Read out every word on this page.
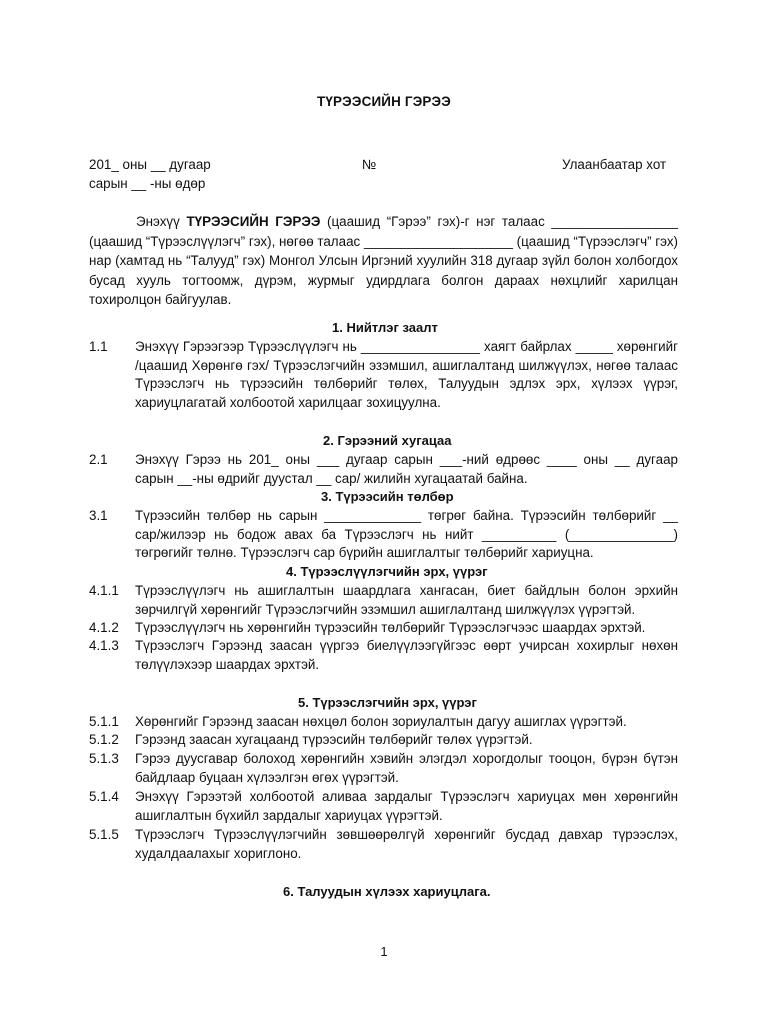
ТҮРЭЭСИЙН ГЭРЭЭ
201_ оны __ дугаар	№	Улаанбаатар хот
сарын __ -ны өдөр
Энэхүү ТҮРЭЭСИЙН ГЭРЭЭ (цаашид “Гэрээ” гэх)-г нэг талаас _________________ (цаашид “Түрээслүүлэгч” гэх), нөгөө талаас ____________________ (цаашид “Түрээслэгч” гэх) нар (хамтад нь “Талууд” гэх) Монгол Улсын Иргэний хуулийн 318 дугаар зүйл болон холбогдох бусад хууль тогтоомж, дүрэм, журмыг удирдлага болгон дараах нөхцлийг харилцан тохиролцон байгуулав.
1. Нийтлэг заалт
1.1 Энэхүү Гэрээгээр Түрээслүүлэгч нь ________________ хаягт байрлах _____ хөрөнгийг /цаашид Хөрөнгө гэх/ Түрээслэгчийн эзэмшил, ашиглалтанд шилжүүлэх, нөгөө талаас Түрээслэгч нь түрээсийн төлбөрийг төлөх, Талуудын эдлэх эрх, хүлээх үүрэг, хариуцлагатай холбоотой харилцааг зохицуулна.
2. Гэрээний хугацаа
2.1 Энэхүү Гэрээ нь 201_ оны ___ дугаар сарын ___-ний өдрөөс ____ оны __ дугаар сарын __-ны өдрийг дуустал __ сар/ жилийн хугацаатай байна.
3. Түрээсийн төлбөр
3.1 Түрээсийн төлбөр нь сарын _____________ төгрөг байна. Түрээсийн төлбөрийг __ сар/жилээр нь бодож авах ба Түрээслэгч нь нийт __________ (______________) төгрөгийг төлнө. Түрээслэгч сар бүрийн ашиглалтыг төлбөрийг хариуцна.
4. Түрээслүүлэгчийн эрх, үүрэг
4.1.1 Түрээслүүлэгч нь ашиглалтын шаардлага хангасан, биет байдлын болон эрхийн зөрчилгүй хөрөнгийг Түрээслэгчийн эзэмшил ашиглалтанд шилжүүлэх үүрэгтэй.
4.1.2 Түрээслүүлэгч нь хөрөнгийн түрээсийн төлбөрийг Түрээслэгчээс шаардах эрхтэй.
4.1.3 Түрээслэгч Гэрээнд заасан үүргээ биелүүлээгүйгээс өөрт учирсан хохирлыг нөхөн төлүүлэхээр шаардах эрхтэй.
5. Түрээслэгчийн эрх, үүрэг
5.1.1 Хөрөнгийг Гэрээнд заасан нөхцөл болон зориулалтын дагуу ашиглах үүрэгтэй.
5.1.2 Гэрээнд заасан хугацаанд түрээсийн төлбөрийг төлөх үүрэгтэй.
5.1.3 Гэрээ дуусгавар болоход хөрөнгийн хэвийн элэгдэл хорогдолыг тооцон, бүрэн бүтэн байдлаар буцаан хүлээлгэн өгөх үүрэгтэй.
5.1.4 Энэхүү Гэрээтэй холбоотой аливаа зардалыг Түрээслэгч хариуцах мөн хөрөнгийн ашиглалтын бүхийл зардалыг хариуцах үүрэгтэй.
5.1.5 Түрээслэгч Түрээслүүлэгчийн зөвшөөрөлгүй хөрөнгийг бусдад давхар түрээслэх, худалдаалахыг хориглоно.
6. Талуудын хүлээх хариуцлага.
1
